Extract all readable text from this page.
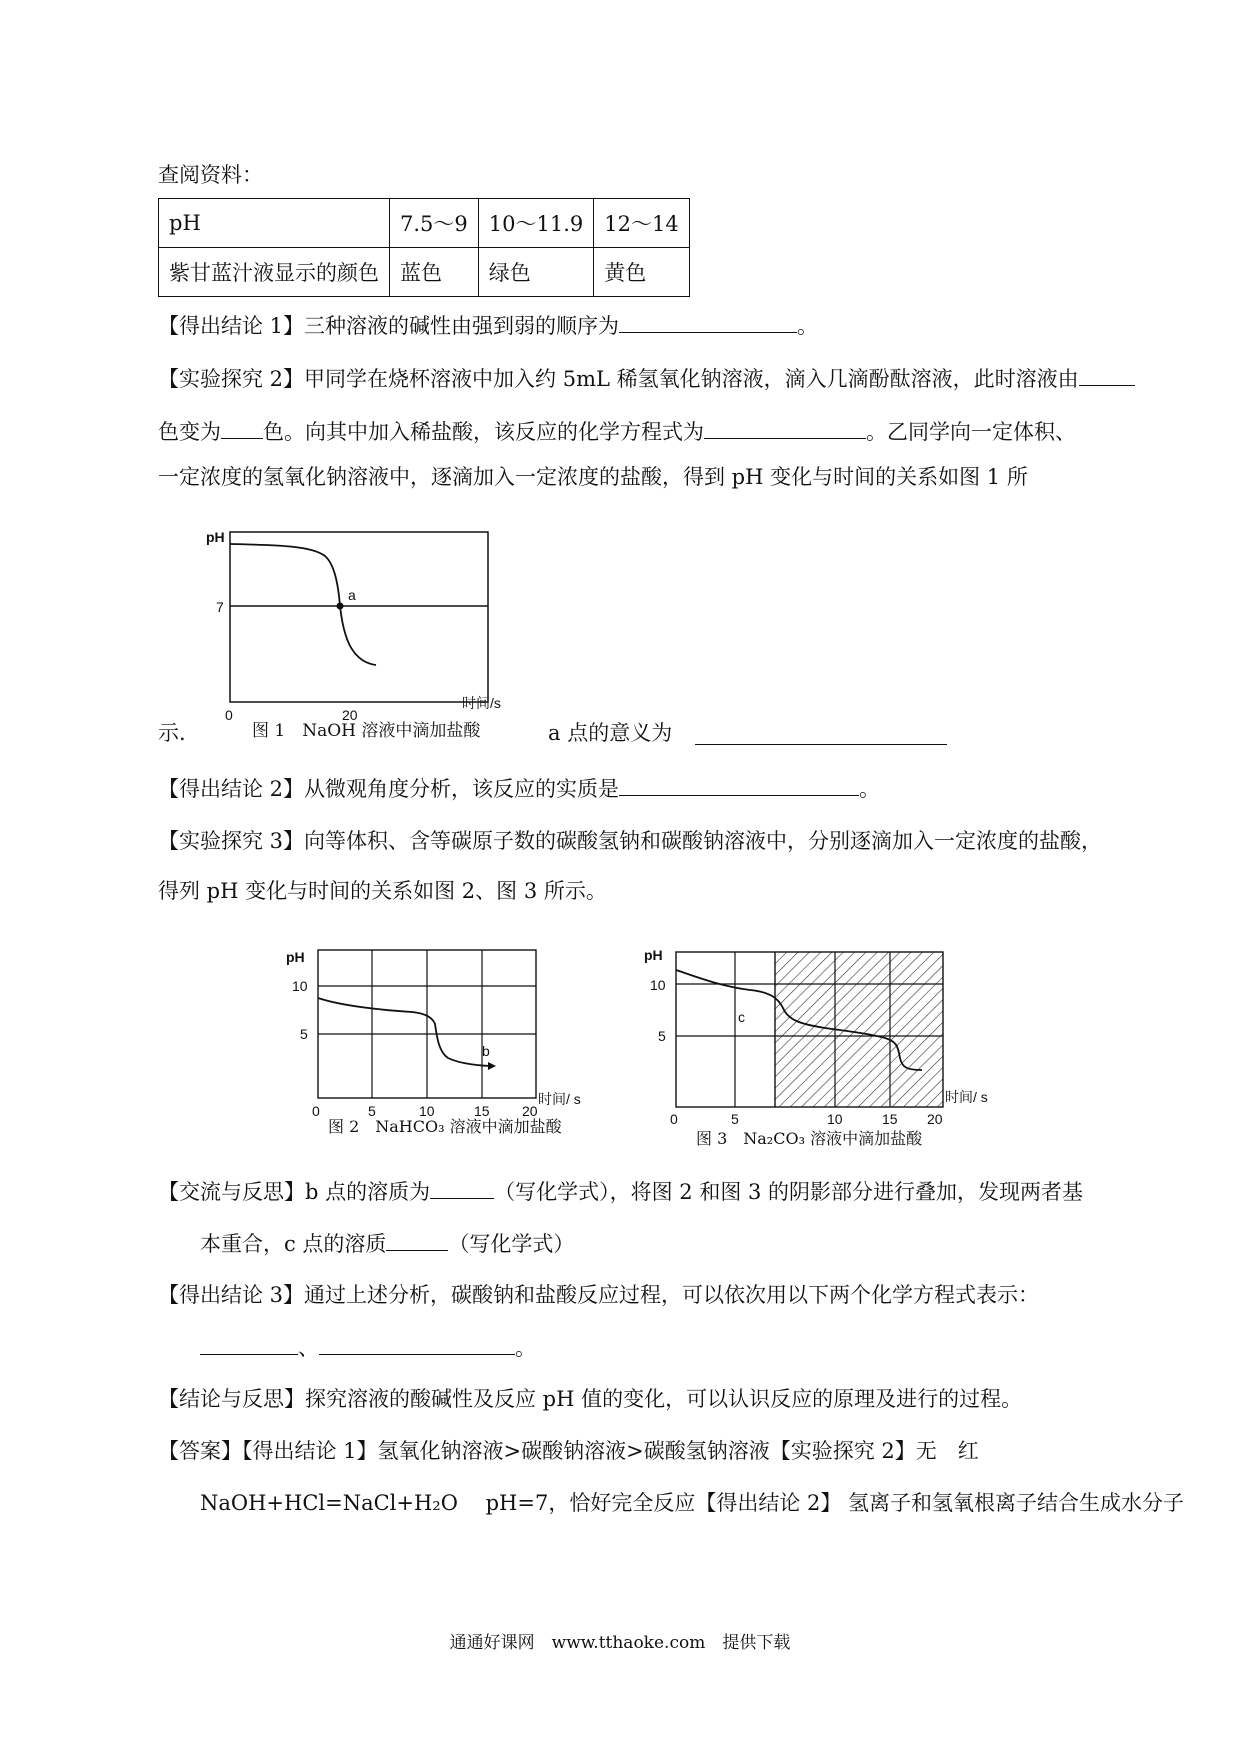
查阅资料：
pH	7.5～9	10～11.9	12～14
紫甘蓝汁液显示的颜色	蓝色	绿色	黄色
【得出结论 1】三种溶液的碱性由强到弱的顺序为	。
【实验探究 2】甲同学在烧杯溶液中加入约 5mL 稀氢氧化钠溶液，滴入几滴酚酞溶液，此时溶液由
色变为 色。向其中加入稀盐酸，该反应的化学方程式为	。乙同学向一定体积、
一定浓度的氢氧化钠溶液中，逐滴加入一定浓度的盐酸，得到 pH 变化与时间的关系如图 1 所
a
pH
7
0	20
时间/s
示.	图 1　NaOH 溶液中滴加盐酸	a 点的意义为
【得出结论 2】从微观角度分析，该反应的实质是	。
【实验探究 3】向等体积、含等碳原子数的碳酸氢钠和碳酸钠溶液中，分别逐滴加入一定浓度的盐酸，
得列 pH 变化与时间的关系如图 2、图 3 所示。
b
pH
10
5
0	5	10	15 20
时间/ s
图 2　NaHCO₃ 溶液中滴加盐酸
c
pH
10
5
0	5	10	15 20
时间/ s
图 3　Na₂CO₃ 溶液中滴加盐酸
【交流与反思】b 点的溶质为	（写化学式），将图 2 和图 3 的阴影部分进行叠加，发现两者基
本重合，c 点的溶质	（写化学式）
【得出结论 3】通过上述分析，碳酸钠和盐酸反应过程，可以依次用以下两个化学方程式表示：
、	。
【结论与反思】探究溶液的酸碱性及反应 pH 值的变化，可以认识反应的原理及进行的过程。
【答案】【得出结论 1】氢氧化钠溶液>碳酸钠溶液>碳酸氢钠溶液【实验探究 2】无　红
NaOH+HCl=NaCl+H₂O　 pH=7，恰好完全反应【得出结论 2】 氢离子和氢氧根离子结合生成水分子
通通好课网　www.tthaoke.com　提供下载
